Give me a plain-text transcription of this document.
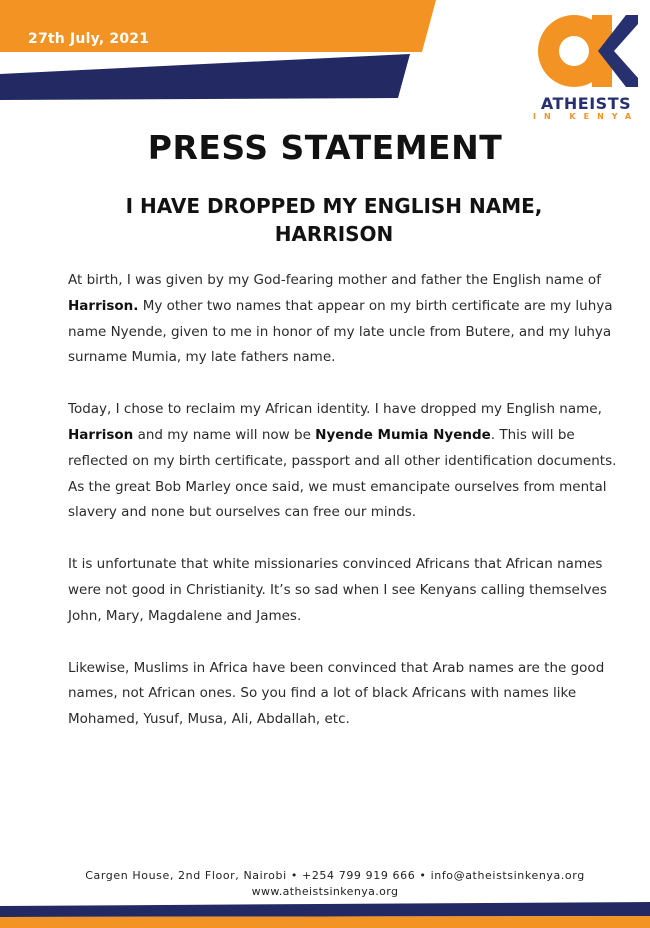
27th July, 2021
ATHEISTS
IN KENYA
PRESS STATEMENT
I HAVE DROPPED MY ENGLISH NAME, HARRISON

At birth, I was given by my God-fearing mother and father the English name of Harrison. My other two names that appear on my birth certificate are my luhya name Nyende, given to me in honor of my late uncle from Butere, and my luhya surname Mumia, my late fathers name.

Today, I chose to reclaim my African identity. I have dropped my English name, Harrison and my name will now be Nyende Mumia Nyende. This will be reflected on my birth certificate, passport and all other identification documents. As the great Bob Marley once said, we must emancipate ourselves from mental slavery and none but ourselves can free our minds.

It is unfortunate that white missionaries convinced Africans that African names were not good in Christianity. It’s so sad when I see Kenyans calling themselves John, Mary, Magdalene and James.

Likewise, Muslims in Africa have been convinced that Arab names are the good names, not African ones. So you find a lot of black Africans with names like Mohamed, Yusuf, Musa, Ali, Abdallah, etc.

Cargen House, 2nd Floor, Nairobi • +254 799 919 666 • info@atheistsinkenya.org
www.atheistsinkenya.org
